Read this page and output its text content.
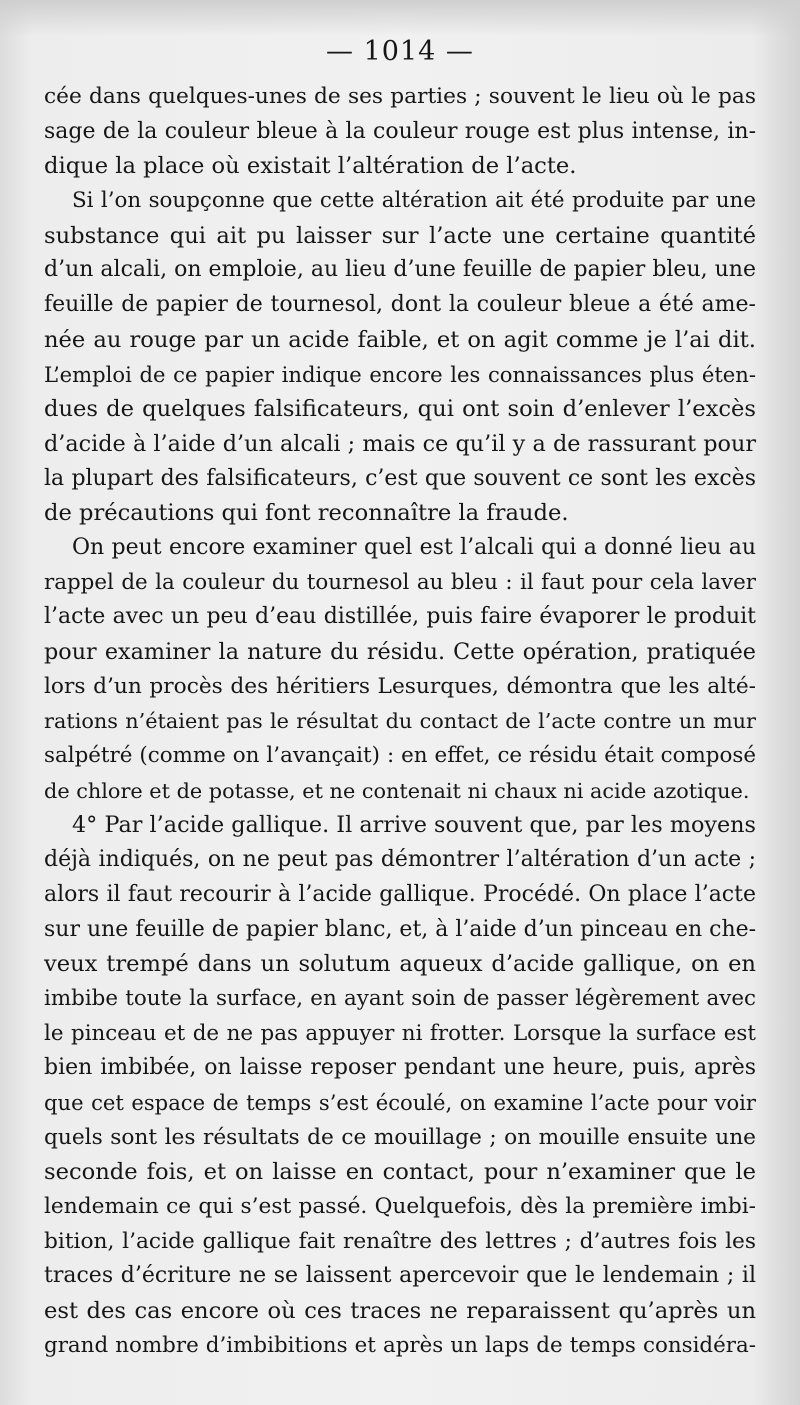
— 1014 —
cée dans quelques-unes de ses parties ; souvent le lieu où le pas
sage de la couleur bleue à la couleur rouge est plus intense, in-
dique la place où existait l’altération de l’acte.
Si l’on soupçonne que cette altération ait été produite par une
substance qui ait pu laisser sur l’acte une certaine quantité
d’un alcali, on emploie, au lieu d’une feuille de papier bleu, une
feuille de papier de tournesol, dont la couleur bleue a été ame-
née au rouge par un acide faible, et on agit comme je l’ai dit.
L’emploi de ce papier indique encore les connaissances plus éten-
dues de quelques falsificateurs, qui ont soin d’enlever l’excès
d’acide à l’aide d’un alcali ; mais ce qu’il y a de rassurant pour
la plupart des falsificateurs, c’est que souvent ce sont les excès
de précautions qui font reconnaître la fraude.
On peut encore examiner quel est l’alcali qui a donné lieu au
rappel de la couleur du tournesol au bleu : il faut pour cela laver
l’acte avec un peu d’eau distillée, puis faire évaporer le produit
pour examiner la nature du résidu. Cette opération, pratiquée
lors d’un procès des héritiers Lesurques, démontra que les alté-
rations n’étaient pas le résultat du contact de l’acte contre un mur
salpétré (comme on l’avançait) : en effet, ce résidu était composé
de chlore et de potasse, et ne contenait ni chaux ni acide azotique.
4° Par l’acide gallique. Il arrive souvent que, par les moyens
déjà indiqués, on ne peut pas démontrer l’altération d’un acte ;
alors il faut recourir à l’acide gallique. Procédé. On place l’acte
sur une feuille de papier blanc, et, à l’aide d’un pinceau en che-
veux trempé dans un solutum aqueux d’acide gallique, on en
imbibe toute la surface, en ayant soin de passer légèrement avec
le pinceau et de ne pas appuyer ni frotter. Lorsque la surface est
bien imbibée, on laisse reposer pendant une heure, puis, après
que cet espace de temps s’est écoulé, on examine l’acte pour voir
quels sont les résultats de ce mouillage ; on mouille ensuite une
seconde fois, et on laisse en contact, pour n’examiner que le
lendemain ce qui s’est passé. Quelquefois, dès la première imbi-
bition, l’acide gallique fait renaître des lettres ; d’autres fois les
traces d’écriture ne se laissent apercevoir que le lendemain ; il
est des cas encore où ces traces ne reparaissent qu’après un
grand nombre d’imbibitions et après un laps de temps considéra-
